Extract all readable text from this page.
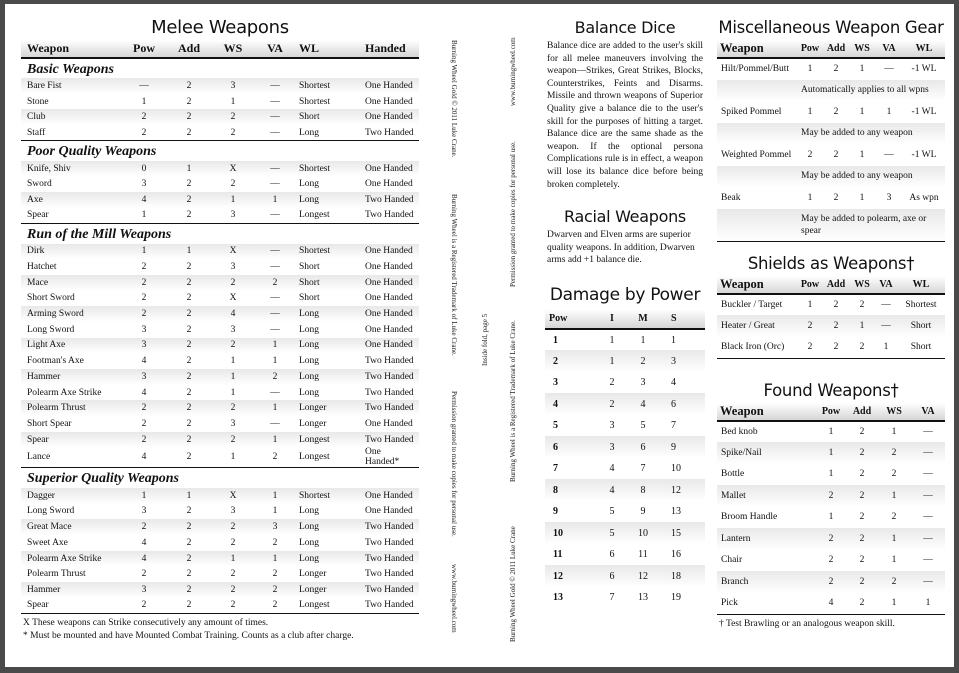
Melee Weapons
Weapon	Pow	Add	WS	VA	WL	Handed
Basic Weapons						
Bare Fist	—	2	3	—	Shortest	One Handed
Stone	1	2	1	—	Shortest	One Handed
Club	2	2	2	—	Short	One Handed
Staff	2	2	2	—	Long	Two Handed
Poor Quality Weapons						
Knife, Shiv	0	1	X	—	Shortest	One Handed
Sword	3	2	2	—	Long	One Handed
Axe	4	2	1	1	Long	Two Handed
Spear	1	2	3	—	Longest	Two Handed
Run of the Mill Weapons						
Dirk	1	1	X	—	Shortest	One Handed
Hatchet	2	2	3	—	Short	One Handed
Mace	2	2	2	2	Short	One Handed
Short Sword	2	2	X	—	Short	One Handed
Arming Sword	2	2	4	—	Long	One Handed
Long Sword	3	2	3	—	Long	One Handed
Light Axe	3	2	2	1	Long	One Handed
Footman's Axe	4	2	1	1	Long	Two Handed
Hammer	3	2	1	2	Long	Two Handed
Polearm Axe Strike	4	2	1	—	Long	Two Handed
Polearm Thrust	2	2	2	1	Longer	Two Handed
Short Spear	2	2	3	—	Longer	One Handed
Spear	2	2	2	1	Longest	Two Handed
Lance	4	2	1	2	Longest	One Handed*
Superior Quality Weapons						
Dagger	1	1	X	1	Shortest	One Handed
Long Sword	3	2	3	1	Long	One Handed
Great Mace	2	2	2	3	Long	Two Handed
Sweet Axe	4	2	2	2	Long	Two Handed
Polearm Axe Strike	4	2	1	1	Long	Two Handed
Polearm Thrust	2	2	2	2	Longer	Two Handed
Hammer	3	2	2	2	Longer	Two Handed
Spear	2	2	2	2	Longest	Two Handed
X These weapons can Strike consecutively any amount of times.
* Must be mounted and have Mounted Combat Training. Counts as a club after charge.
Burning Wheel Gold © 2011 Luke Crane.
Burning Wheel is a Registered Trademark of Luke Crane.
Permission granted to make copies for personal use.
www.burningwheel.com
Inside fold, page 5
www.burningwheel.com
Permission granted to make copies for personal use.
Burning Wheel is a Registered Trademark of Luke Crane.
Burning Wheel Gold © 2011 Luke Crane
Balance Dice

Balance dice are added to the user's skill for all melee maneuvers involving the weapon—Strikes, Great Strikes, Blocks, Counterstrikes, Feints and Disarms. Missile and thrown weapons of Superior Quality give a balance die to the user's skill for the purposes of hitting a target. Balance dice are the same shade as the weapon. If the optional persona Complications rule is in effect, a weapon will lose its balance dice before being broken completely.

Racial Weapons

Dwarven and Elven arms are superior quality weapons. In addition, Dwarven arms add +1 balance die.

Damage by Power
Pow	I	M	S
1	1	1	1
2	1	2	3
3	2	3	4
4	2	4	6
5	3	5	7
6	3	6	9
7	4	7	10
8	4	8	12
9	5	9	13
10	5	10	15
11	6	11	16
12	6	12	18
13	7	13	19
Miscellaneous Weapon Gear
Weapon	Pow	Add	WS	VA	WL
Hilt/Pommel/Butt	1	2	1	—	-1 WL
	Automatically applies to all wpns				
Spiked Pommel	1	2	1	1	-1 WL
	May be added to any weapon				
Weighted Pommel	2	2	1	—	-1 WL
	May be added to any weapon				
Beak	1	2	1	3	As wpn
	May be added to polearm, axe or spear				
Shields as Weapons†
Weapon	Pow	Add	WS	VA	WL
Buckler / Target	1	2	2	—	Shortest
Heater / Great	2	2	1	—	Short
Black Iron (Orc)	2	2	2	1	Short
Found Weapons†
Weapon	Pow	Add	WS	VA
Bed knob	1	2	1	—
Spike/Nail	1	2	2	—
Bottle	1	2	2	—
Mallet	2	2	1	—
Broom Handle	1	2	2	—
Lantern	2	2	1	—
Chair	2	2	1	—
Branch	2	2	2	—
Pick	4	2	1	1
† Test Brawling or an analogous weapon skill.
